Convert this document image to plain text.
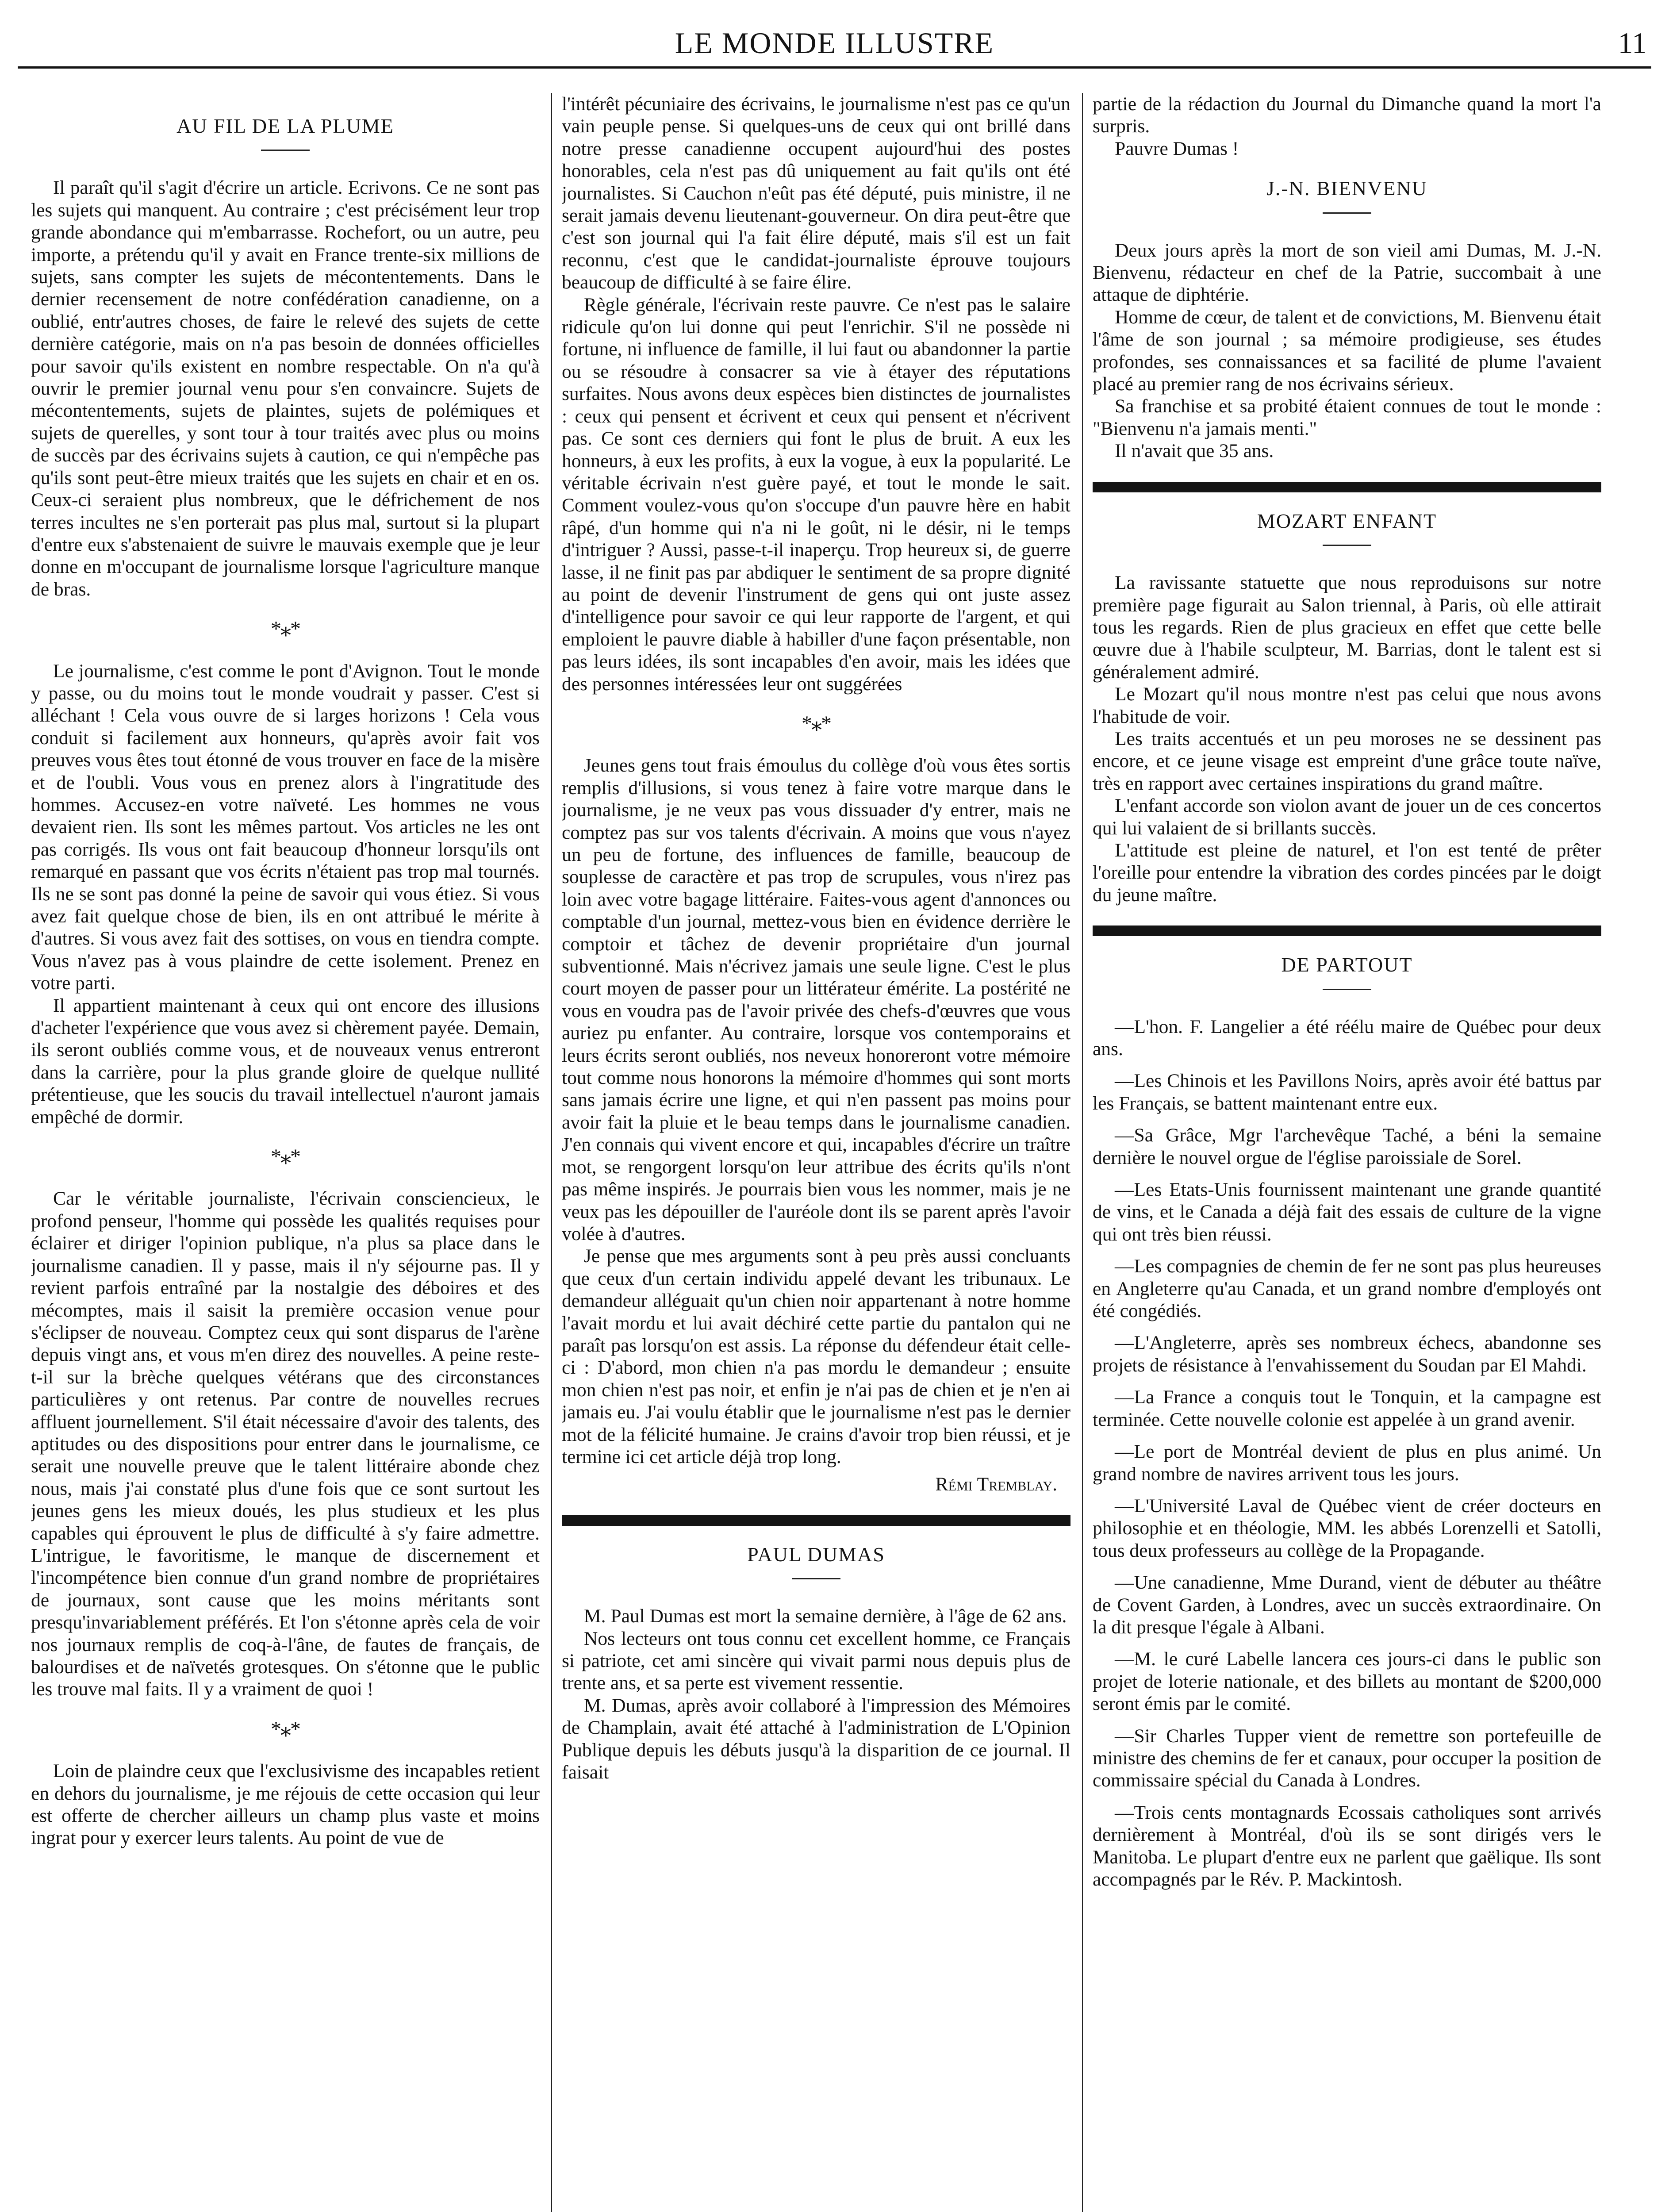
LE MONDE ILLUSTRE	11
AU FIL DE LA PLUME

Il paraît qu'il s'agit d'écrire un article. Ecrivons. Ce ne sont pas les sujets qui manquent. Au contraire ; c'est précisément leur trop grande abondance qui m'embarrasse. Rochefort, ou un autre, peu importe, a prétendu qu'il y avait en France trente-six millions de sujets, sans compter les sujets de mécontentements. Dans le dernier recensement de notre confédération canadienne, on a oublié, entr'autres choses, de faire le relevé des sujets de cette dernière catégorie, mais on n'a pas besoin de données officielles pour savoir qu'ils existent en nombre respectable. On n'a qu'à ouvrir le premier journal venu pour s'en convaincre. Sujets de mécontentements, sujets de plaintes, sujets de polémiques et sujets de querelles, y sont tour à tour traités avec plus ou moins de succès par des écrivains sujets à caution, ce qui n'empêche pas qu'ils sont peut-être mieux traités que les sujets en chair et en os. Ceux-ci seraient plus nombreux, que le défrichement de nos terres incultes ne s'en porterait pas plus mal, surtout si la plupart d'entre eux s'abstenaient de suivre le mauvais exemple que je leur donne en m'occupant de journalisme lorsque l'agriculture manque de bras.

*⁎*

Le journalisme, c'est comme le pont d'Avignon. Tout le monde y passe, ou du moins tout le monde voudrait y passer. C'est si alléchant ! Cela vous ouvre de si larges horizons ! Cela vous conduit si facilement aux honneurs, qu'après avoir fait vos preuves vous êtes tout étonné de vous trouver en face de la misère et de l'oubli. Vous vous en prenez alors à l'ingratitude des hommes. Accusez-en votre naïveté. Les hommes ne vous devaient rien. Ils sont les mêmes partout. Vos articles ne les ont pas corrigés. Ils vous ont fait beaucoup d'honneur lorsqu'ils ont remarqué en passant que vos écrits n'étaient pas trop mal tournés. Ils ne se sont pas donné la peine de savoir qui vous étiez. Si vous avez fait quelque chose de bien, ils en ont attribué le mérite à d'autres. Si vous avez fait des sottises, on vous en tiendra compte. Vous n'avez pas à vous plaindre de cette isolement. Prenez en votre parti.

Il appartient maintenant à ceux qui ont encore des illusions d'acheter l'expérience que vous avez si chèrement payée. Demain, ils seront oubliés comme vous, et de nouveaux venus entreront dans la carrière, pour la plus grande gloire de quelque nullité prétentieuse, que les soucis du travail intellectuel n'auront jamais empêché de dormir.

*⁎*

Car le véritable journaliste, l'écrivain consciencieux, le profond penseur, l'homme qui possède les qualités requises pour éclairer et diriger l'opinion publique, n'a plus sa place dans le journalisme canadien. Il y passe, mais il n'y séjourne pas. Il y revient parfois entraîné par la nostalgie des déboires et des mécomptes, mais il saisit la première occasion venue pour s'éclipser de nouveau. Comptez ceux qui sont disparus de l'arène depuis vingt ans, et vous m'en direz des nouvelles. A peine reste-t-il sur la brèche quelques vétérans que des circonstances particulières y ont retenus. Par contre de nouvelles recrues affluent journellement. S'il était nécessaire d'avoir des talents, des aptitudes ou des dispositions pour entrer dans le journalisme, ce serait une nouvelle preuve que le talent littéraire abonde chez nous, mais j'ai constaté plus d'une fois que ce sont surtout les jeunes gens les mieux doués, les plus studieux et les plus capables qui éprouvent le plus de difficulté à s'y faire admettre. L'intrigue, le favoritisme, le manque de discernement et l'incompétence bien connue d'un grand nombre de propriétaires de journaux, sont cause que les moins méritants sont presqu'invariablement préférés. Et l'on s'étonne après cela de voir nos journaux remplis de coq-à-l'âne, de fautes de français, de balourdises et de naïvetés grotesques. On s'étonne que le public les trouve mal faits. Il y a vraiment de quoi !

*⁎*

Loin de plaindre ceux que l'exclusivisme des incapables retient en dehors du journalisme, je me réjouis de cette occasion qui leur est offerte de chercher ailleurs un champ plus vaste et moins ingrat pour y exercer leurs talents. Au point de vue de

l'intérêt pécuniaire des écrivains, le journalisme n'est pas ce qu'un vain peuple pense. Si quelques-uns de ceux qui ont brillé dans notre presse canadienne occupent aujourd'hui des postes honorables, cela n'est pas dû uniquement au fait qu'ils ont été journalistes. Si Cauchon n'eût pas été député, puis ministre, il ne serait jamais devenu lieutenant-gouverneur. On dira peut-être que c'est son journal qui l'a fait élire député, mais s'il est un fait reconnu, c'est que le candidat-journaliste éprouve toujours beaucoup de difficulté à se faire élire.

Règle générale, l'écrivain reste pauvre. Ce n'est pas le salaire ridicule qu'on lui donne qui peut l'enrichir. S'il ne possède ni fortune, ni influence de famille, il lui faut ou abandonner la partie ou se résoudre à consacrer sa vie à étayer des réputations surfaites. Nous avons deux espèces bien distinctes de journalistes : ceux qui pensent et écrivent et ceux qui pensent et n'écrivent pas. Ce sont ces derniers qui font le plus de bruit. A eux les honneurs, à eux les profits, à eux la vogue, à eux la popularité. Le véritable écrivain n'est guère payé, et tout le monde le sait. Comment voulez-vous qu'on s'occupe d'un pauvre hère en habit râpé, d'un homme qui n'a ni le goût, ni le désir, ni le temps d'intriguer ? Aussi, passe-t-il inaperçu. Trop heureux si, de guerre lasse, il ne finit pas par abdiquer le sentiment de sa propre dignité au point de devenir l'instrument de gens qui ont juste assez d'intelligence pour savoir ce qui leur rapporte de l'argent, et qui emploient le pauvre diable à habiller d'une façon présentable, non pas leurs idées, ils sont incapables d'en avoir, mais les idées que des personnes intéressées leur ont suggérées

*⁎*

Jeunes gens tout frais émoulus du collège d'où vous êtes sortis remplis d'illusions, si vous tenez à faire votre marque dans le journalisme, je ne veux pas vous dissuader d'y entrer, mais ne comptez pas sur vos talents d'écrivain. A moins que vous n'ayez un peu de fortune, des influences de famille, beaucoup de souplesse de caractère et pas trop de scrupules, vous n'irez pas loin avec votre bagage littéraire. Faites-vous agent d'annonces ou comptable d'un journal, mettez-vous bien en évidence derrière le comptoir et tâchez de devenir propriétaire d'un journal subventionné. Mais n'écrivez jamais une seule ligne. C'est le plus court moyen de passer pour un littérateur émérite. La postérité ne vous en voudra pas de l'avoir privée des chefs-d'œuvres que vous auriez pu enfanter. Au contraire, lorsque vos contemporains et leurs écrits seront oubliés, nos neveux honoreront votre mémoire tout comme nous honorons la mémoire d'hommes qui sont morts sans jamais écrire une ligne, et qui n'en passent pas moins pour avoir fait la pluie et le beau temps dans le journalisme canadien. J'en connais qui vivent encore et qui, incapables d'écrire un traître mot, se rengorgent lorsqu'on leur attribue des écrits qu'ils n'ont pas même inspirés. Je pourrais bien vous les nommer, mais je ne veux pas les dépouiller de l'auréole dont ils se parent après l'avoir volée à d'autres.

Je pense que mes arguments sont à peu près aussi concluants que ceux d'un certain individu appelé devant les tribunaux. Le demandeur alléguait qu'un chien noir appartenant à notre homme l'avait mordu et lui avait déchiré cette partie du pantalon qui ne paraît pas lorsqu'on est assis. La réponse du défendeur était celle-ci : D'abord, mon chien n'a pas mordu le demandeur ; ensuite mon chien n'est pas noir, et enfin je n'ai pas de chien et je n'en ai jamais eu. J'ai voulu établir que le journalisme n'est pas le dernier mot de la félicité humaine. Je crains d'avoir trop bien réussi, et je termine ici cet article déjà trop long.

Rémi Tremblay.

PAUL DUMAS

M. Paul Dumas est mort la semaine dernière, à l'âge de 62 ans.

Nos lecteurs ont tous connu cet excellent homme, ce Français si patriote, cet ami sincère qui vivait parmi nous depuis plus de trente ans, et sa perte est vivement ressentie.

M. Dumas, après avoir collaboré à l'impression des Mémoires de Champlain, avait été attaché à l'administration de L'Opinion Publique depuis les débuts jusqu'à la disparition de ce journal. Il faisait

partie de la rédaction du Journal du Dimanche quand la mort l'a surpris.

Pauvre Dumas !

J.-N. BIENVENU

Deux jours après la mort de son vieil ami Dumas, M. J.-N. Bienvenu, rédacteur en chef de la Patrie, succombait à une attaque de diphtérie.

Homme de cœur, de talent et de convictions, M. Bienvenu était l'âme de son journal ; sa mémoire prodigieuse, ses études profondes, ses connaissances et sa facilité de plume l'avaient placé au premier rang de nos écrivains sérieux.

Sa franchise et sa probité étaient connues de tout le monde : "Bienvenu n'a jamais menti."

Il n'avait que 35 ans.

MOZART ENFANT

La ravissante statuette que nous reproduisons sur notre première page figurait au Salon triennal, à Paris, où elle attirait tous les regards. Rien de plus gracieux en effet que cette belle œuvre due à l'habile sculpteur, M. Barrias, dont le talent est si généralement admiré.

Le Mozart qu'il nous montre n'est pas celui que nous avons l'habitude de voir.

Les traits accentués et un peu moroses ne se dessinent pas encore, et ce jeune visage est empreint d'une grâce toute naïve, très en rapport avec certaines inspirations du grand maître.

L'enfant accorde son violon avant de jouer un de ces concertos qui lui valaient de si brillants succès.

L'attitude est pleine de naturel, et l'on est tenté de prêter l'oreille pour entendre la vibration des cordes pincées par le doigt du jeune maître.

DE PARTOUT

—L'hon. F. Langelier a été réélu maire de Québec pour deux ans.

—Les Chinois et les Pavillons Noirs, après avoir été battus par les Français, se battent maintenant entre eux.

—Sa Grâce, Mgr l'archevêque Taché, a béni la semaine dernière le nouvel orgue de l'église paroissiale de Sorel.

—Les Etats-Unis fournissent maintenant une grande quantité de vins, et le Canada a déjà fait des essais de culture de la vigne qui ont très bien réussi.

—Les compagnies de chemin de fer ne sont pas plus heureuses en Angleterre qu'au Canada, et un grand nombre d'employés ont été congédiés.

—L'Angleterre, après ses nombreux échecs, abandonne ses projets de résistance à l'envahissement du Soudan par El Mahdi.

—La France a conquis tout le Tonquin, et la campagne est terminée. Cette nouvelle colonie est appelée à un grand avenir.

—Le port de Montréal devient de plus en plus animé. Un grand nombre de navires arrivent tous les jours.

—L'Université Laval de Québec vient de créer docteurs en philosophie et en théologie, MM. les abbés Lorenzelli et Satolli, tous deux professeurs au collège de la Propagande.

—Une canadienne, Mme Durand, vient de débuter au théâtre de Covent Garden, à Londres, avec un succès extraordinaire. On la dit presque l'égale à Albani.

—M. le curé Labelle lancera ces jours-ci dans le public son projet de loterie nationale, et des billets au montant de $200,000 seront émis par le comité.

—Sir Charles Tupper vient de remettre son portefeuille de ministre des chemins de fer et canaux, pour occuper la position de commissaire spécial du Canada à Londres.

—Trois cents montagnards Ecossais catholiques sont arrivés dernièrement à Montréal, d'où ils se sont dirigés vers le Manitoba. Le plupart d'entre eux ne parlent que gaëlique. Ils sont accompagnés par le Rév. P. Mackintosh.
